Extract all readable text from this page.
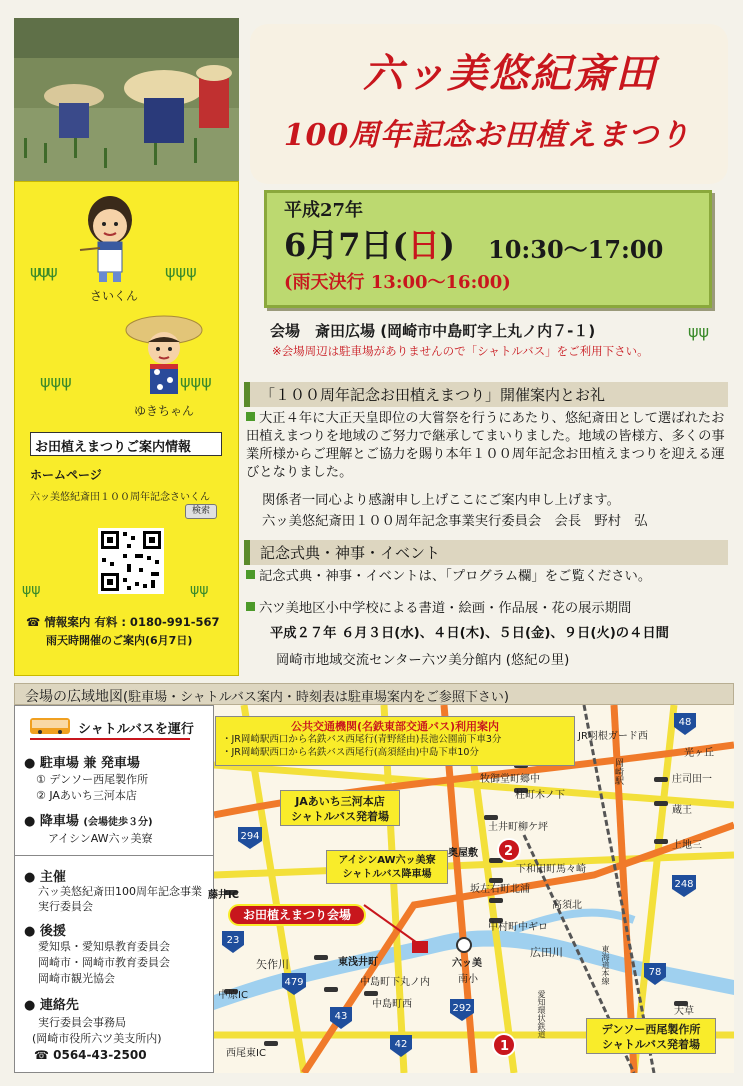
さいくん
ψψψ	ψψψ
ψψψ	ψψψ
ゆきちゃん
お田植えまつりご案内情報
ホームページ
六ッ美悠紀斎田１００周年記念さいくん
検索
ψψ	ψψ
☎ 情報案内 有料 : 0180-991-567
雨天時開催のご案内(6月7日)
六ッ美悠紀斎田
100周年記念お田植えまつり
平成27年
6月7日(日) 10:30～17:00
(雨天決行 13:00～16:00)
会場　 斎田広場 (岡崎市中島町字上丸ノ内７-１)
※会場周辺は駐車場がありませんので「シャトルバス」をご利用下さい。
ψψ
「１００周年記念お田植えまつり」開催案内とお礼
大正４年に大正天皇即位の大嘗祭を行うにあたり、悠紀斎田として選ばれたお田植えまつりを地域のご努力で継承してまいりました。地域の皆様方、多くの事業所様からご理解とご協力を賜り本年１００周年記念お田植えまつりを迎える運びとなりました。
関係者一同心より感謝申し上げここにご案内申し上げます。
六ッ美悠紀斎田１００周年記念事業実行委員会　会長　野村　弘
記念式典・神事・イベント
記念式典・神事・イベントは、「プログラム欄」をご覧ください。
六ツ美地区小中学校による書道・絵画・作品展・花の展示期間
平成２７年 ６月３日(水)、４日(木)、５日(金)、９日(火)の４日間
岡崎市地域交流センター六ツ美分館内 (悠紀の里)
会場の広域地図(駐車場・シャトルバス案内・時刻表は駐車場案内をご参照下さい)
シャトルバスを運行
● 駐車場 兼 発車場
① デンソー西尾製作所
② JAあいち三河本店
● 降車場 (会場徒歩３分)
アイシンAW六ッ美寮
● 主催
六ッ美悠紀斎田100周年記念事業実行委員会
● 後援
愛知県・愛知県教育委員会
岡崎市・岡崎市教育委員会
岡崎市観光協会
● 連絡先
実行委員会事務局
(岡崎市役所六ツ美支所内)
☎ 0564-43-2500
48
248
294
23
479
292
43
42
78
公共交通機関(名鉄東部交通バス)利用案内
・JR岡崎駅西口から名鉄バス西尾行(青野経由)長池公園前下車3分
・JR岡崎駅西口から名鉄バス西尾行(高須経由)中島下車10分
JAあいち三河本店
シャトルバス発着場
アイシンAW六ッ美寮
シャトルバス降車場
お田植えまつり会場
デンソー西尾製作所
シャトルバス発着場
2
1
JR羽根ガード西
光ヶ丘
牧御堂町郷中
柱町木ノ下
庄司田一
岡崎駅
蔵王
上地三
土井町柳ケ坪
奥屋敷
下和田町馬々崎
坂左右町北浦
高須北
中村町中ギロ
藤井IC
広田川
東浅井町	六ッ美
南小
矢作川
中島町下丸ノ内
中島町西
中原IC
大草
西尾東IC
東海道本線
愛知環状鉄道
